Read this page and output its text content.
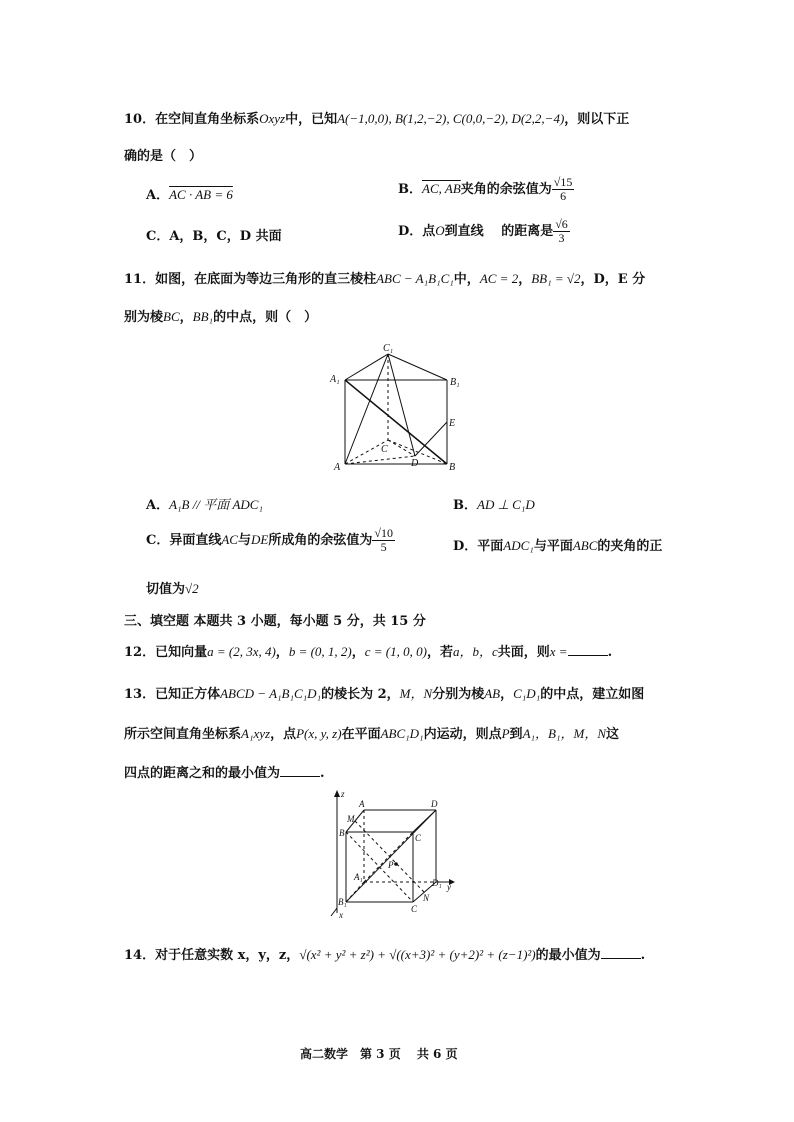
10．在空间直角坐标系Oxyz中，已知A(−1,0,0), B(1,2,−2), C(0,0,−2), D(2,2,−4)，则以下正
确的是（　）
A．AC · AB = 6	B．AC, AB夹角的余弦值为 $\frac{√15}{6}$
C．A，B，C，D 共面	D．点O到直线　 的距离是 $\frac{√6}{3}$
11．如图，在底面为等边三角形的直三棱柱ABC − A₁B₁C₁中，AC = 2，BB₁ = √2，D，E 分
别为棱BC，BB₁的中点，则（　）
C₁
A₁	B₁
E
C
A	D	B
A．A₁B // 平面 ADC₁	B．AD ⊥ C₁D
C．异面直线AC与DE所成角的余弦值为 $\frac{√10}{5}$	D．平面ADC₁与平面ABC的夹角的正
切值为√2
三、填空题 本题共 3 小题，每小题 5 分，共 15 分
12．已知向量a = (2, 3x, 4)，b = (0, 1, 2)，c = (1, 0, 0)，若a，b，c共面，则x =	.
13．已知正方体ABCD − A₁B₁C₁D₁的棱长为 2，M，N分别为棱AB，C₁D₁的中点，建立如图
所示空间直角坐标系A₁xyz，点P(x, y, z)在平面ABC₁D₁内运动，则点P到A₁，B₁，M，N这
四点的距离之和的最小值为	.
z
A	D
M
B	C
P
A₁
D₁ y
B₁	N
C
x
14．对于任意实数 x，y，z，√(x² + y² + z²) + √((x+3)² + (y+2)² + (z−1)²)的最小值为	.
高二数学　第 3 页　 共 6 页
